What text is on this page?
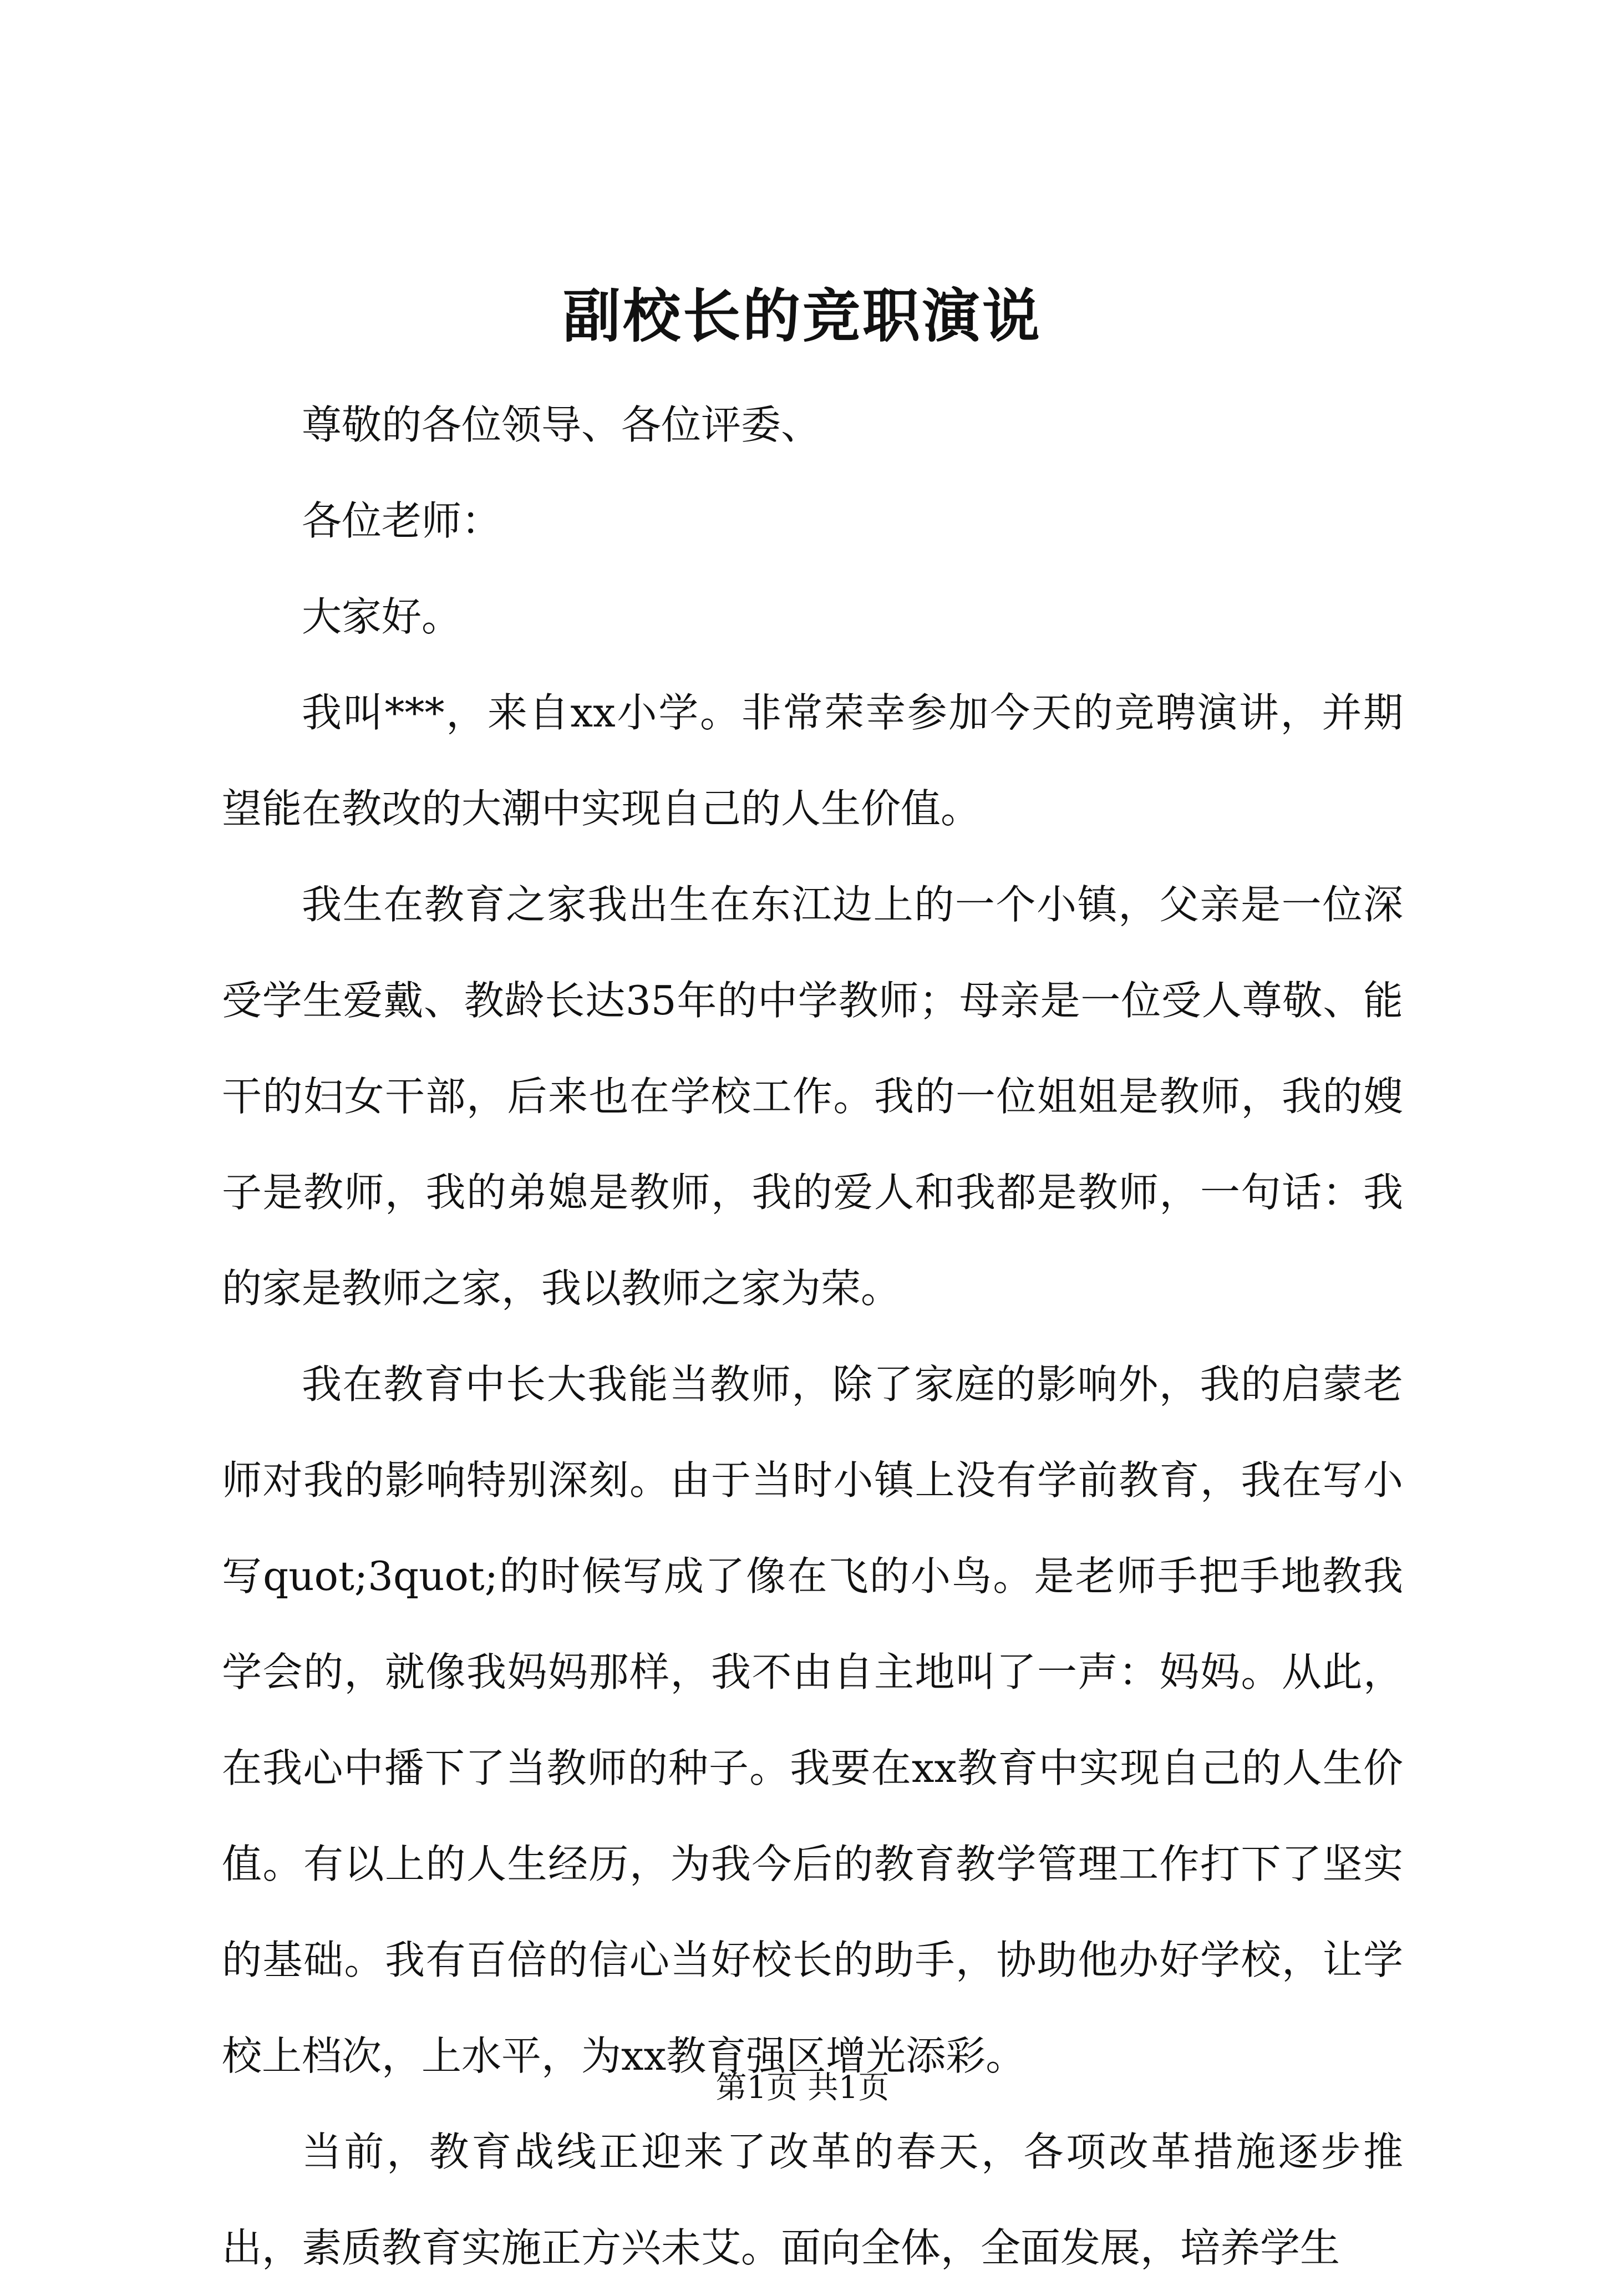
副校长的竞职演说

尊敬的各位领导、各位评委、

各位老师：

大家好。

我叫***，来自xx小学。非常荣幸参加今天的竞聘演讲，并期望能在教改的大潮中实现自己的人生价值。

我生在教育之家我出生在东江边上的一个小镇，父亲是一位深受学生爱戴、教龄长达35年的中学教师；母亲是一位受人尊敬、能干的妇女干部，后来也在学校工作。我的一位姐姐是教师，我的嫂子是教师，我的弟媳是教师，我的爱人和我都是教师，一句话：我的家是教师之家，我以教师之家为荣。

我在教育中长大我能当教师，除了家庭的影响外，我的启蒙老师对我的影响特别深刻。由于当时小镇上没有学前教育，我在写小写quot;3quot;的时候写成了像在飞的小鸟。是老师手把手地教我学会的，就像我妈妈那样，我不由自主地叫了一声：妈妈。从此，在我心中播下了当教师的种子。我要在xx教育中实现自己的人生价值。有以上的人生经历，为我今后的教育教学管理工作打下了坚实的基础。我有百倍的信心当好校长的助手，协助他办好学校，让学校上档次，上水平，为xx教育强区增光添彩。

当前，教育战线正迎来了改革的春天，各项改革措施逐步推出，素质教育实施正方兴未艾。面向全体，全面发展，培养学生

第1页 共1页
